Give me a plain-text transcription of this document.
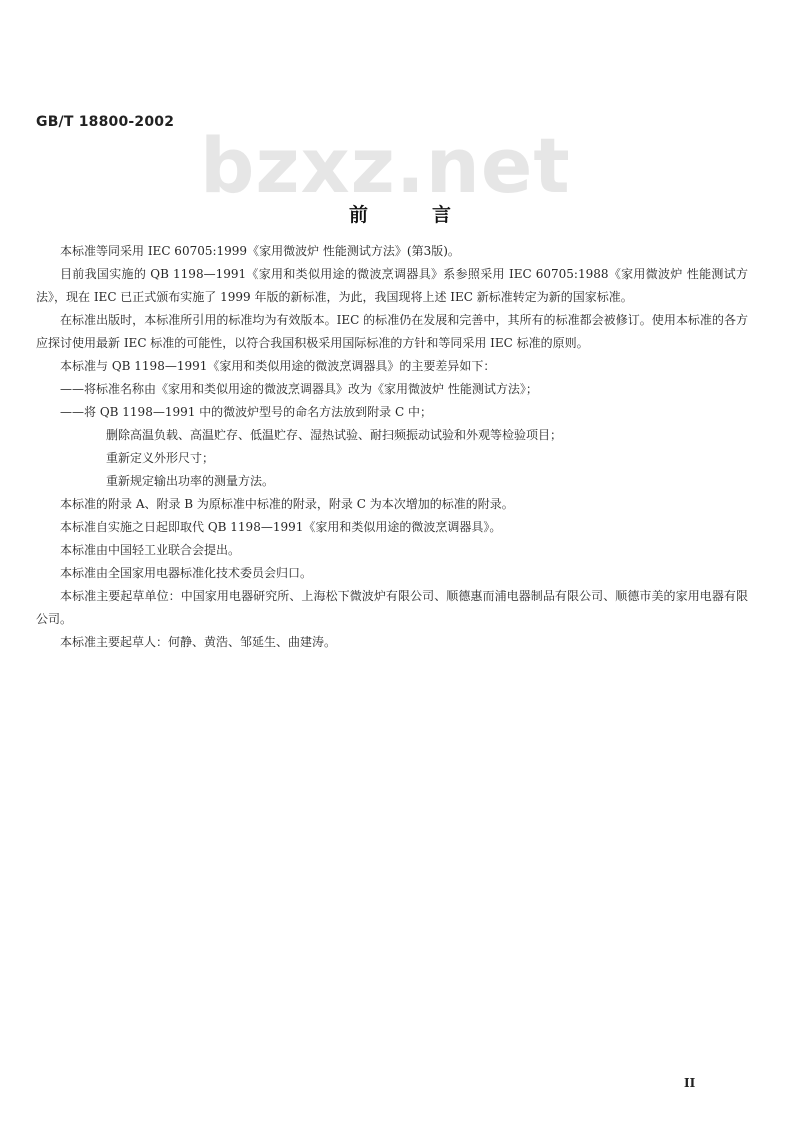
GB/T 18800-2002 bzxz.net
前	言

本标准等同采用 IEC 60705:1999《家用微波炉 性能测试方法》(第3版)。

目前我国实施的 QB 1198—1991《家用和类似用途的微波烹调器具》系参照采用 IEC 60705:1988《家用微波炉 性能测试方法》，现在 IEC 已正式颁布实施了 1999 年版的新标准，为此，我国现将上述 IEC 新标准转定为新的国家标准。

在标准出版时，本标准所引用的标准均为有效版本。IEC 的标准仍在发展和完善中，其所有的标准都会被修订。使用本标准的各方应探讨使用最新 IEC 标准的可能性，以符合我国积极采用国际标准的方针和等同采用 IEC 标准的原则。

本标准与 QB 1198—1991《家用和类似用途的微波烹调器具》的主要差异如下：

——将标准名称由《家用和类似用途的微波烹调器具》改为《家用微波炉 性能测试方法》；

——将 QB 1198—1991 中的微波炉型号的命名方法放到附录 C 中；

删除高温负载、高温贮存、低温贮存、湿热试验、耐扫频振动试验和外观等检验项目；

重新定义外形尺寸；

重新规定输出功率的测量方法。

本标准的附录 A、附录 B 为原标准中标准的附录，附录 C 为本次增加的标准的附录。

本标准自实施之日起即取代 QB 1198—1991《家用和类似用途的微波烹调器具》。

本标准由中国轻工业联合会提出。

本标准由全国家用电器标准化技术委员会归口。

本标准主要起草单位：中国家用电器研究所、上海松下微波炉有限公司、顺德惠而浦电器制品有限公司、顺德市美的家用电器有限公司。

本标准主要起草人：何静、黄浩、邹延生、曲建涛。

II
